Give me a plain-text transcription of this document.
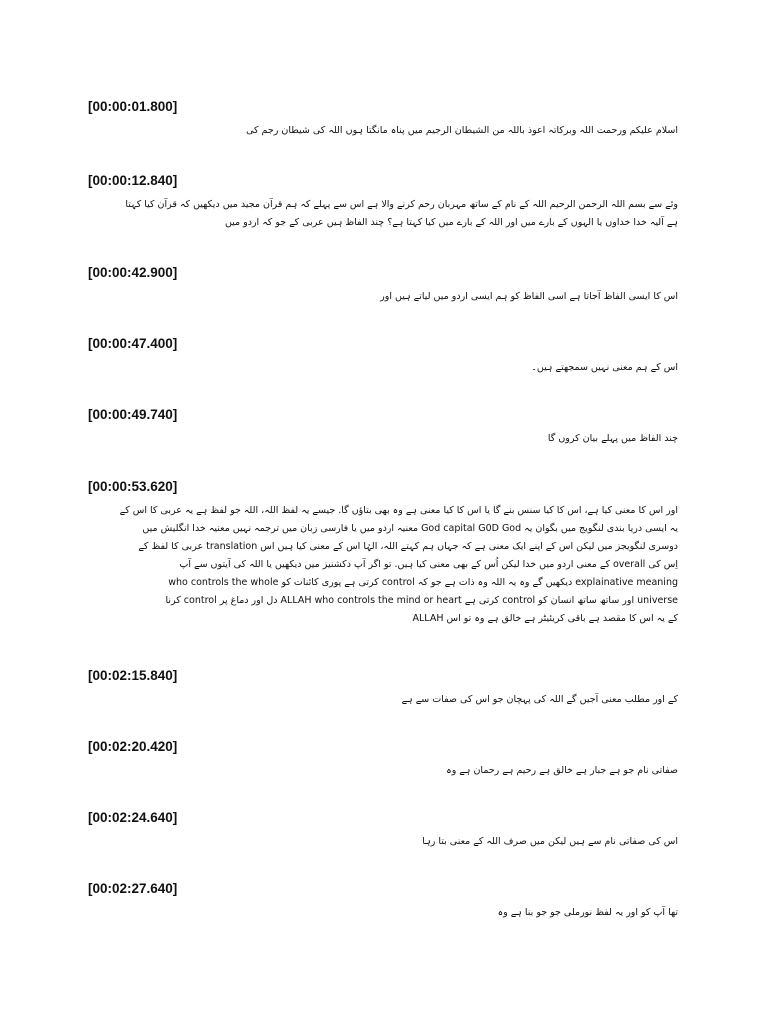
[00:00:01.800]
اسلام علیکم ورحمت اللہ وبرکاتہ اعوذ باللہ من الشیطان الرجیم میں پناہ مانگتا ہوں اللہ کی شیطان رجم کی
[00:00:12.840]
وئے سے بسم اللہ الرحمن الرحیم اللہ کے نام کے ساتھ مہربان رحم کرنے والا ہے اس سے پہلے کہ ہم قرآن مجید میں دیکھیں کہ قرآن کیا کہتا
ہے آلیہ خدا خداوں یا الہوں کے بارے میں اور اللہ کے بارے میں کیا کہتا ہے؟ چند الفاظ ہیں عربی کے جو کہ اردو میں
[00:00:42.900]
اس کا ایسی الفاظ آجاتا ہے اسی الفاظ کو ہم ایسی اردو میں لیاتے ہیں اور
[00:00:47.400]
اس کے ہم معنی نہیں سمجھتے ہیں۔
[00:00:49.740]
چند الفاظ میں پہلے بیان کروں گا
[00:00:53.620]
اور اس کا معنی کیا ہے، اس کا کیا سنس بنے گا یا اس کا کیا معنی ہے وہ بھی بتاؤں گا. جیسے یہ لفظ اللہ، اللہ جو لفظ ہے یہ عربی کا اس کے
یہ ایسی دریا بندی لنگویج میں بگوان یہ God capital G0D God معنیہ اردو میں یا فارسی زبان میں ترجمہ نہیں معنیہ خدا انگلیش میں
دوسری لنگویجز میں لیکن اس کے اپنے ایک معنی ہے کہ جہاں ہم کہتے اللہ، الہٰا اس کے معنی کیا ہیں اس translation عربی کا لفظ کے
اِس کی overall کے معنی اردو میں خدا لیکن اُس کے بھی معنی کیا ہیں. تو اگر آپ دکشنیز میں دیکھیں یا اللہ کی آیتوں سے آپ
explainative meaning دیکھیں گے وہ یہ اللہ وہ ذات ہے جو کہ control کرتی ہے پوری کائنات کو who controls the whole
universe اور ساتھ ساتھ انسان کو control کرتی ہے ALLAH who controls the mind or heart دل اور دماغ پر control کرنا
کے یہ اس کا مقصد ہے باقی کریئیٹر ہے خالق ہے وہ تو اس ALLAH
[00:02:15.840]
کے اور مطلب معنی آجیں گے اللہ کی پہچان جو اس کی صفات سے ہے
[00:02:20.420]
صفاتی نام جو ہے جبار ہے خالق ہے رحیم ہے رحمان ہے وہ
[00:02:24.640]
اس کی صفاتی نام سے ہیں لیکن میں صرف اللہ کے معنی بتا رہا
[00:02:27.640]
تھا آپ کو اور یہ لفظ نورملی جو جو بنا ہے وہ
